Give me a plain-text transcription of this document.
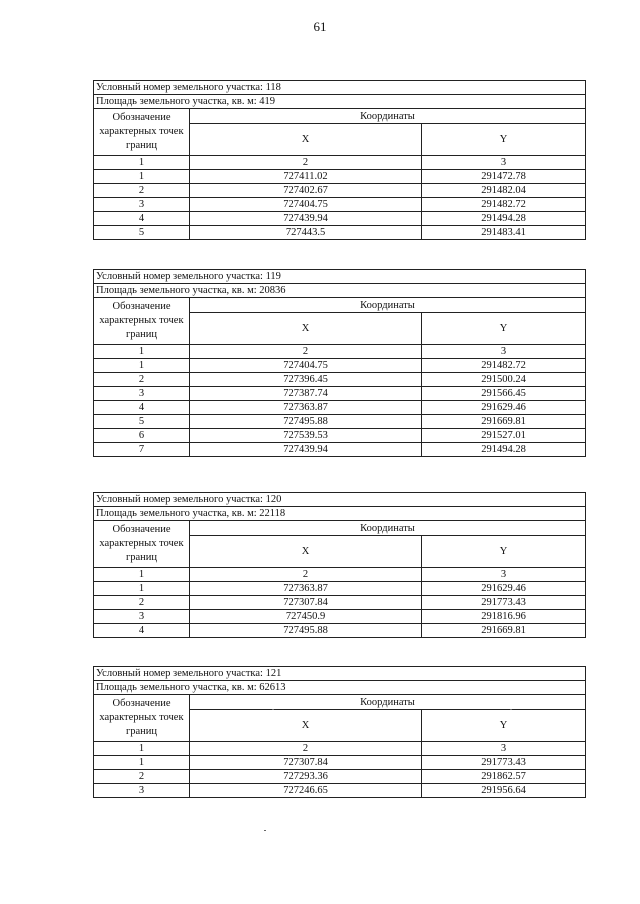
61
Условный номер земельного участка: 118		
Площадь земельного участка, кв. м: 419		
Обозначение характерных точек границ	Координаты	
	X	Y
1	2	3
1	727411.02	291472.78
2	727402.67	291482.04
3	727404.75	291482.72
4	727439.94	291494.28
5	727443.5	291483.41
Условный номер земельного участка: 119		
Площадь земельного участка, кв. м: 20836		
Обозначение характерных точек границ	Координаты	
	X	Y
1	2	3
1	727404.75	291482.72
2	727396.45	291500.24
3	727387.74	291566.45
4	727363.87	291629.46
5	727495.88	291669.81
6	727539.53	291527.01
7	727439.94	291494.28
Условный номер земельного участка: 120		
Площадь земельного участка, кв. м: 22118		
Обозначение характерных точек границ	Координаты	
	X	Y
1	2	3
1	727363.87	291629.46
2	727307.84	291773.43
3	727450.9	291816.96
4	727495.88	291669.81
Условный номер земельного участка: 121		
Площадь земельного участка, кв. м: 62613		
Обозначение характерных точек границ	Координаты	
	X	Y
1	2	3
1	727307.84	291773.43
2	727293.36	291862.57
3	727246.65	291956.64
